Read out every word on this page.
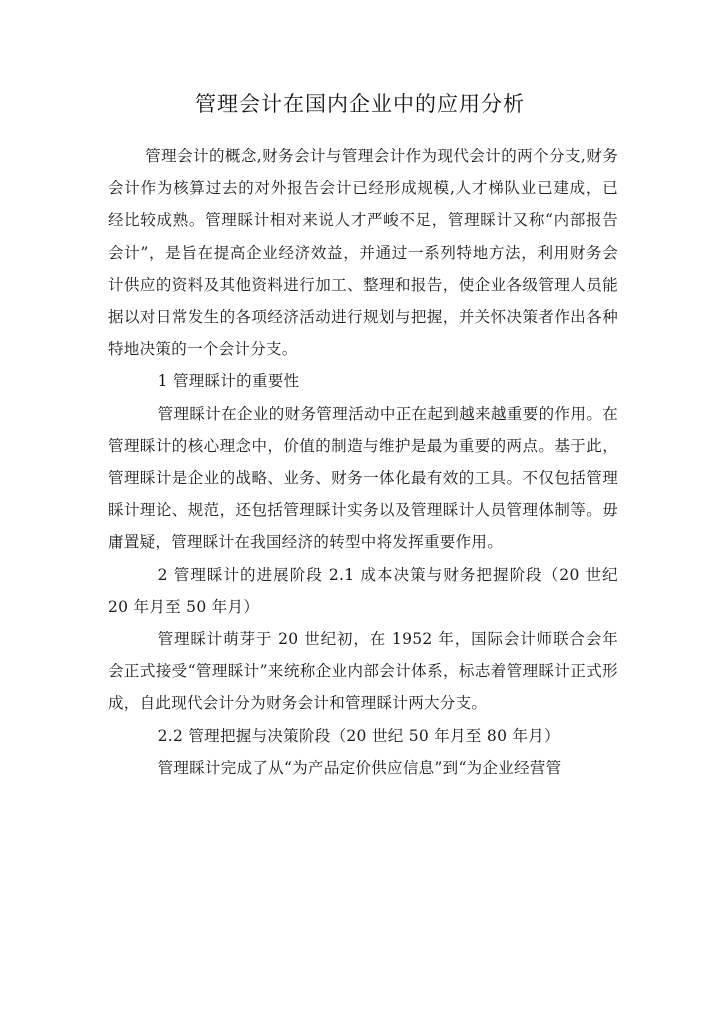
管理会计在国内企业中的应用分析

管理会计的概念,财务会计与管理会计作为现代会计的两个分支,财务会计作为核算过去的对外报告会计已经形成规模,人才梯队业已建成，已经比较成熟。管理睬计相对来说人才严峻不足，管理睬计又称“内部报告会计”，是旨在提高企业经济效益，并通过一系列特地方法，利用财务会计供应的资料及其他资料进行加工、整理和报告，使企业各级管理人员能据以对日常发生的各项经济活动进行规划与把握，并关怀决策者作出各种特地决策的一个会计分支。

1 管理睬计的重要性

管理睬计在企业的财务管理活动中正在起到越来越重要的作用。在管理睬计的核心理念中，价值的制造与维护是最为重要的两点。基于此，管理睬计是企业的战略、业务、财务一体化最有效的工具。不仅包括管理睬计理论、规范，还包括管理睬计实务以及管理睬计人员管理体制等。毋庸置疑，管理睬计在我国经济的转型中将发挥重要作用。

2 管理睬计的进展阶段 2.1 成本决策与财务把握阶段（20 世纪 20 年月至 50 年月）

管理睬计萌芽于 20 世纪初，在 1952 年，国际会计师联合会年会正式接受“管理睬计”来统称企业内部会计体系，标志着管理睬计正式形成，自此现代会计分为财务会计和管理睬计两大分支。

2.2 管理把握与决策阶段（20 世纪 50 年月至 80 年月）

管理睬计完成了从“为产品定价供应信息”到“为企业经营管
